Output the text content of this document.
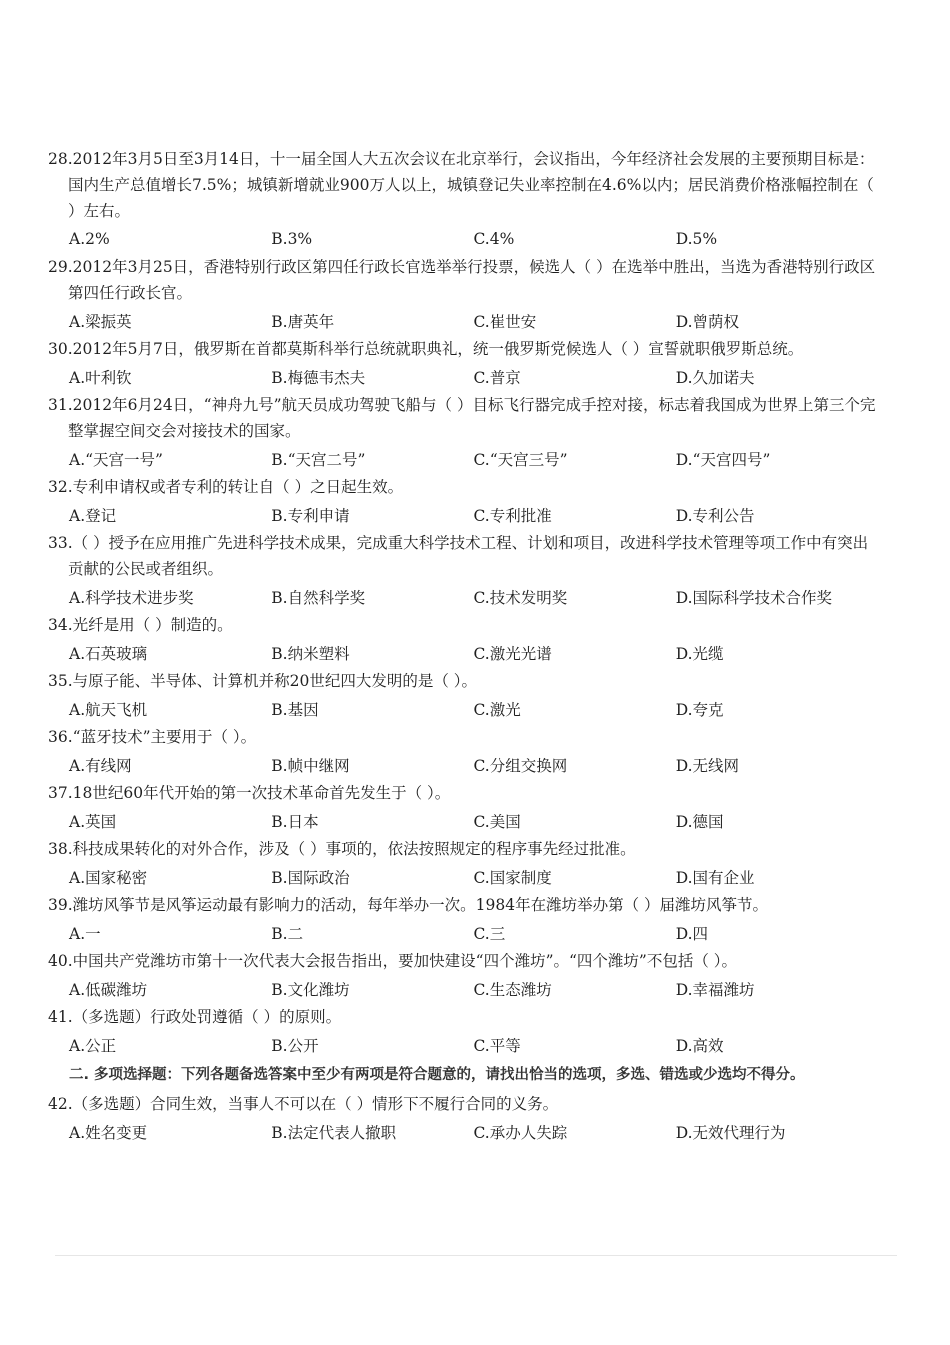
28.2012年3月5日至3月14日，十一届全国人大五次会议在北京举行，会议指出，今年经济社会发展的主要预期目标是：国内生产总值增长7.5%；城镇新增就业900万人以上，城镇登记失业率控制在4.6%以内；居民消费价格涨幅控制在（ ）左右。

A.2%	B.3%	C.4%	D.5%

29.2012年3月25日，香港特别行政区第四任行政长官选举举行投票，候选人（ ）在选举中胜出，当选为香港特别行政区第四任行政长官。

A.梁振英	B.唐英年	C.崔世安	D.曾荫权

30.2012年5月7日，俄罗斯在首都莫斯科举行总统就职典礼，统一俄罗斯党候选人（ ）宣誓就职俄罗斯总统。

A.叶利钦	B.梅德韦杰夫	C.普京	D.久加诺夫

31.2012年6月24日，“神舟九号”航天员成功驾驶飞船与（ ）目标飞行器完成手控对接，标志着我国成为世界上第三个完整掌握空间交会对接技术的国家。

A.“天宫一号”	B.“天宫二号”	C.“天宫三号”	D.“天宫四号”

32.专利申请权或者专利的转让自（ ）之日起生效。

A.登记	B.专利申请	C.专利批准	D.专利公告

33.（ ）授予在应用推广先进科学技术成果，完成重大科学技术工程、计划和项目，改进科学技术管理等项工作中有突出贡献的公民或者组织。

A.科学技术进步奖	B.自然科学奖	C.技术发明奖	D.国际科学技术合作奖

34.光纤是用（ ）制造的。

A.石英玻璃	B.纳米塑料	C.激光光谱	D.光缆

35.与原子能、半导体、计算机并称20世纪四大发明的是（ ）。

A.航天飞机	B.基因	C.激光	D.夸克

36.“蓝牙技术”主要用于（ ）。

A.有线网	B.帧中继网	C.分组交换网	D.无线网

37.18世纪60年代开始的第一次技术革命首先发生于（ ）。

A.英国	B.日本	C.美国	D.德国

38.科技成果转化的对外合作，涉及（ ）事项的，依法按照规定的程序事先经过批准。

A.国家秘密	B.国际政治	C.国家制度	D.国有企业

39.潍坊风筝节是风筝运动最有影响力的活动，每年举办一次。1984年在潍坊举办第（ ）届潍坊风筝节。

A.一	B.二	C.三	D.四

40.中国共产党潍坊市第十一次代表大会报告指出，要加快建设“四个潍坊”。“四个潍坊”不包括（ ）。

A.低碳潍坊	B.文化潍坊	C.生态潍坊	D.幸福潍坊

41.（多选题）行政处罚遵循（ ）的原则。

A.公正	B.公开	C.平等	D.高效
二. 多项选择题：下列各题备选答案中至少有两项是符合题意的，请找出恰当的选项，多选、错选或少选均不得分。

42.（多选题）合同生效，当事人不可以在（ ）情形下不履行合同的义务。

A.姓名变更	B.法定代表人撤职	C.承办人失踪	D.无效代理行为
